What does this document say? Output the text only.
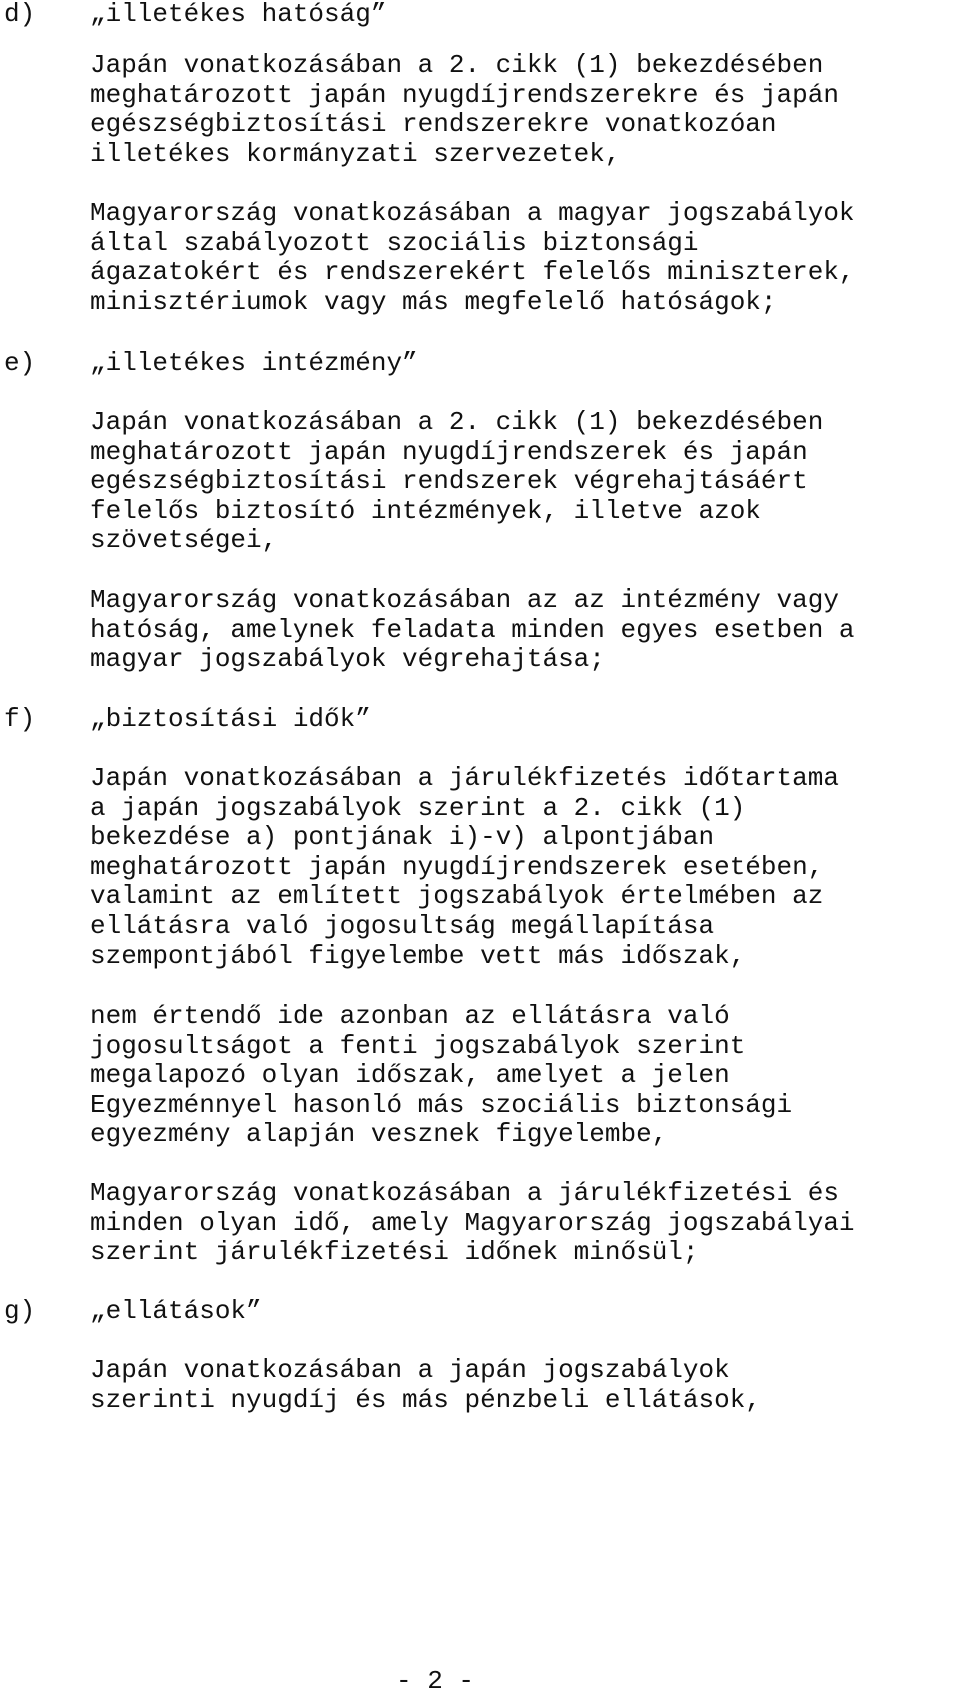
d) „illetékes hatóság”
Japán vonatkozásában a 2. cikk (1) bekezdésében
meghatározott japán nyugdíjrendszerekre és japán
egészségbiztosítási rendszerekre vonatkozóan
illetékes kormányzati szervezetek,
Magyarország vonatkozásában a magyar jogszabályok
által szabályozott szociális biztonsági
ágazatokért és rendszerekért felelős miniszterek,
minisztériumok vagy más megfelelő hatóságok;
e) „illetékes intézmény”
Japán vonatkozásában a 2. cikk (1) bekezdésében
meghatározott japán nyugdíjrendszerek és japán
egészségbiztosítási rendszerek végrehajtásáért
felelős biztosító intézmények, illetve azok
szövetségei,
Magyarország vonatkozásában az az intézmény vagy
hatóság, amelynek feladata minden egyes esetben a
magyar jogszabályok végrehajtása;
f) „biztosítási idők”
Japán vonatkozásában a járulékfizetés időtartama
a japán jogszabályok szerint a 2. cikk (1)
bekezdése a) pontjának i)-v) alpontjában
meghatározott japán nyugdíjrendszerek esetében,
valamint az említett jogszabályok értelmében az
ellátásra való jogosultság megállapítása
szempontjából figyelembe vett más időszak,
nem értendő ide azonban az ellátásra való
jogosultságot a fenti jogszabályok szerint
megalapozó olyan időszak, amelyet a jelen
Egyezménnyel hasonló más szociális biztonsági
egyezmény alapján vesznek figyelembe,
Magyarország vonatkozásában a járulékfizetési és
minden olyan idő, amely Magyarország jogszabályai
szerint járulékfizetési időnek minősül;
g) „ellátások”
Japán vonatkozásában a japán jogszabályok
szerinti nyugdíj és más pénzbeli ellátások,
- 2 -
